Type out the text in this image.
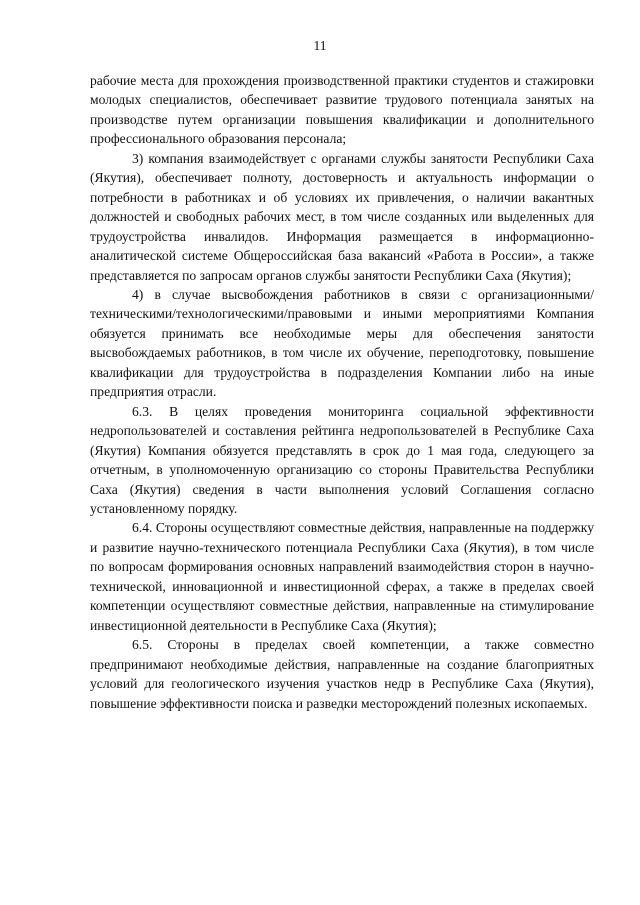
11

рабочие места для прохождения производственной практики студентов и стажировки молодых специалистов, обеспечивает развитие трудового потенциала занятых на производстве путем организации повышения квалификации и дополнительного профессионального образования персонала;

3) компания взаимодействует с органами службы занятости Республики Саха (Якутия), обеспечивает полноту, достоверность и актуальность информации о потребности в работниках и об условиях их привлечения, о наличии вакантных должностей и свободных рабочих мест, в том числе созданных или выделенных для трудоустройства инвалидов. Информация размещается в информационно-аналитической системе Общероссийская база вакансий «Работа в России», а также представляется по запросам органов службы занятости Республики Саха (Якутия);

4) в случае высвобождения работников в связи с организационными/техническими/технологическими/правовыми и иными мероприятиями Компания обязуется принимать все необходимые меры для обеспечения занятости высвобождаемых работников, в том числе их обучение, переподготовку, повышение квалификации для трудоустройства в подразделения Компании либо на иные предприятия отрасли.

6.3. В целях проведения мониторинга социальной эффективности недропользователей и составления рейтинга недропользователей в Республике Саха (Якутия) Компания обязуется представлять в срок до 1 мая года, следующего за отчетным, в уполномоченную организацию со стороны Правительства Республики Саха (Якутия) сведения в части выполнения условий Соглашения согласно установленному порядку.

6.4. Стороны осуществляют совместные действия, направленные на поддержку и развитие научно-технического потенциала Республики Саха (Якутия), в том числе по вопросам формирования основных направлений взаимодействия сторон в научно-технической, инновационной и инвестиционной сферах, а также в пределах своей компетенции осуществляют совместные действия, направленные на стимулирование инвестиционной деятельности в Республике Саха (Якутия);

6.5. Стороны в пределах своей компетенции, а также совместно предпринимают необходимые действия, направленные на создание благоприятных условий для геологического изучения участков недр в Республике Саха (Якутия), повышение эффективности поиска и разведки месторождений полезных ископаемых.
